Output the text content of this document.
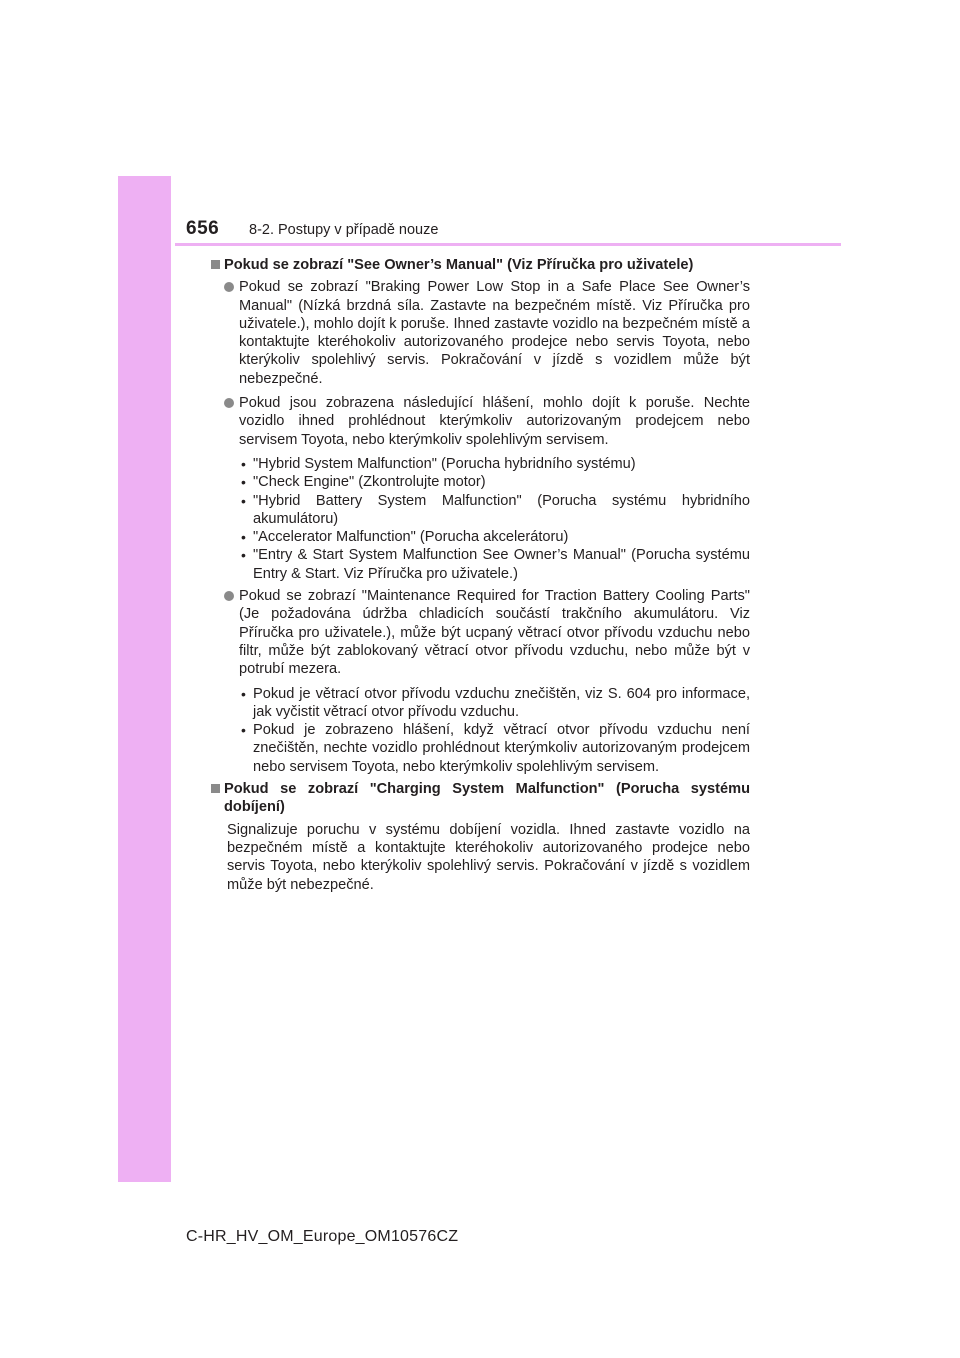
656 8-2. Postupy v případě nouze

Pokud se zobrazí "See Owner’s Manual" (Viz Příručka pro uživatele)

Pokud se zobrazí "Braking Power Low Stop in a Safe Place See Owner’s Manual" (Nízká brzdná síla. Zastavte na bezpečném místě. Viz Příručka pro uživatele.), mohlo dojít k poruše. Ihned zastavte vozidlo na bezpečném místě a kontaktujte kteréhokoliv autorizovaného prodejce nebo servis Toyota, nebo kterýkoliv spolehlivý servis. Pokračování v jízdě s vozidlem může být nebezpečné.

Pokud jsou zobrazena následující hlášení, mohlo dojít k poruše. Nechte vozidlo ihned prohlédnout kterýmkoliv autorizovaným prodejcem nebo servisem Toyota, nebo kterýmkoliv spolehlivým servisem.

• "Hybrid System Malfunction" (Porucha hybridního systému)

• "Check Engine" (Zkontrolujte motor)

• "Hybrid Battery System Malfunction" (Porucha systému hybridního akumulátoru)

• "Accelerator Malfunction" (Porucha akcelerátoru)

• "Entry & Start System Malfunction See Owner’s Manual" (Porucha systému Entry & Start. Viz Příručka pro uživatele.)

Pokud se zobrazí "Maintenance Required for Traction Battery Cooling Parts" (Je požadována údržba chladicích součástí trakčního akumulátoru. Viz Příručka pro uživatele.), může být ucpaný větrací otvor přívodu vzduchu nebo filtr, může být zablokovaný větrací otvor přívodu vzduchu, nebo může být v potrubí mezera.

• Pokud je větrací otvor přívodu vzduchu znečištěn, viz S. 604 pro informace, jak vyčistit větrací otvor přívodu vzduchu.

• Pokud je zobrazeno hlášení, když větrací otvor přívodu vzduchu není znečištěn, nechte vozidlo prohlédnout kterýmkoliv autorizovaným prodejcem nebo servisem Toyota, nebo kterýmkoliv spolehlivým servisem.

Pokud se zobrazí "Charging System Malfunction" (Porucha systému dobíjení)

Signalizuje poruchu v systému dobíjení vozidla. Ihned zastavte vozidlo na bezpečném místě a kontaktujte kteréhokoliv autorizovaného prodejce nebo servis Toyota, nebo kterýkoliv spolehlivý servis. Pokračování v jízdě s vozidlem může být nebezpečné.

C-HR_HV_OM_Europe_OM10576CZ
